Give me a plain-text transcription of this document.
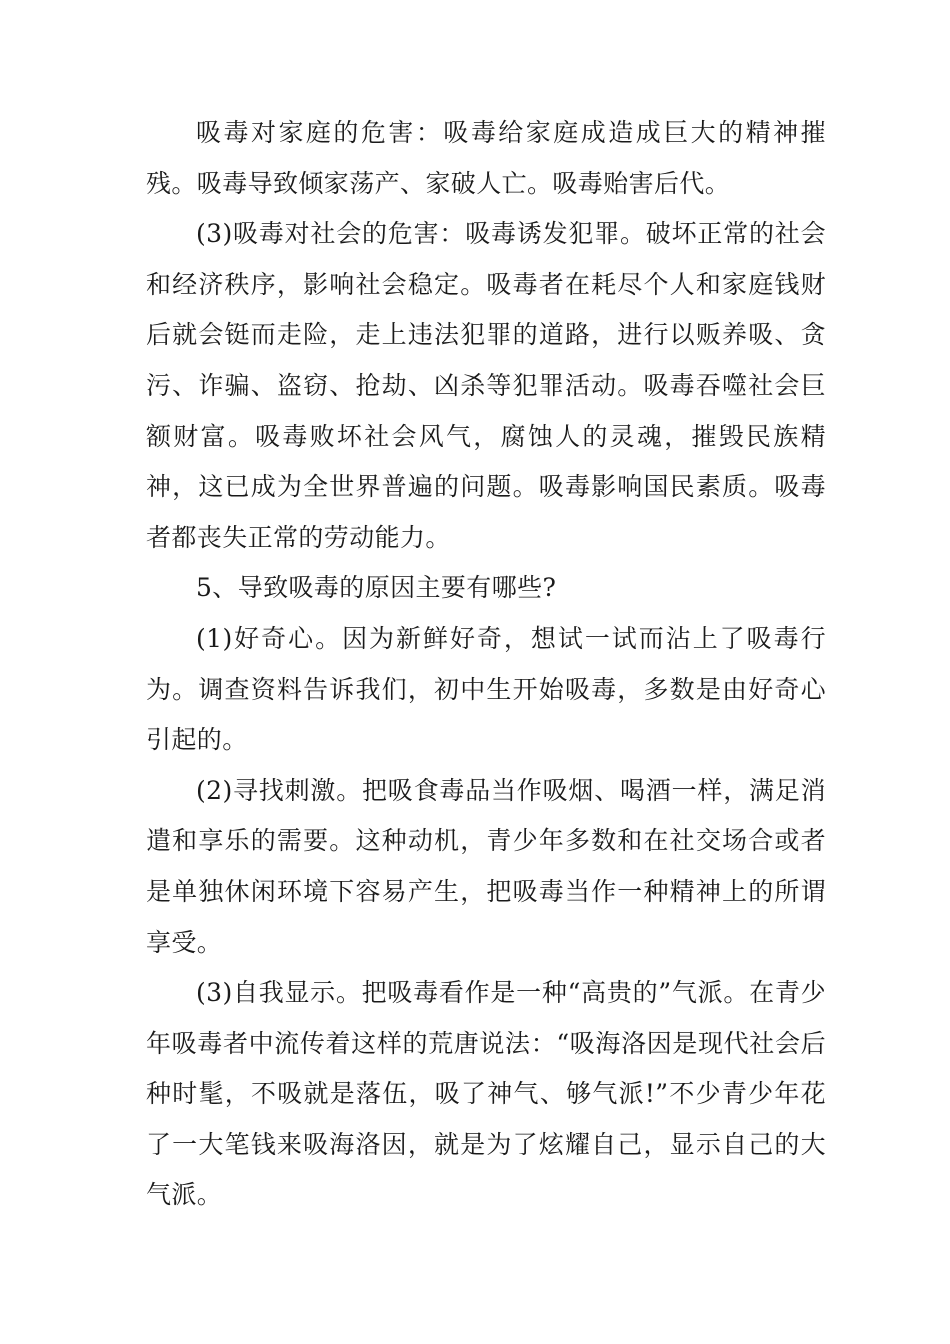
吸毒对家庭的危害：吸毒给家庭成造成巨大的精神摧残。吸毒导致倾家荡产、家破人亡。吸毒贻害后代。

(3)吸毒对社会的危害：吸毒诱发犯罪。破坏正常的社会和经济秩序，影响社会稳定。吸毒者在耗尽个人和家庭钱财后就会铤而走险，走上违法犯罪的道路，进行以贩养吸、贪污、诈骗、盗窃、抢劫、凶杀等犯罪活动。吸毒吞噬社会巨额财富。吸毒败坏社会风气，腐蚀人的灵魂，摧毁民族精神，这已成为全世界普遍的问题。吸毒影响国民素质。吸毒者都丧失正常的劳动能力。

5、导致吸毒的原因主要有哪些?

(1)好奇心。因为新鲜好奇，想试一试而沾上了吸毒行为。调查资料告诉我们，初中生开始吸毒，多数是由好奇心引起的。

(2)寻找刺激。把吸食毒品当作吸烟、喝酒一样，满足消遣和享乐的需要。这种动机，青少年多数和在社交场合或者是单独休闲环境下容易产生，把吸毒当作一种精神上的所谓享受。

(3)自我显示。把吸毒看作是一种“高贵的”气派。在青少年吸毒者中流传着这样的荒唐说法：“吸海洛因是现代社会后种时髦，不吸就是落伍，吸了神气、够气派!”不少青少年花了一大笔钱来吸海洛因，就是为了炫耀自己，显示自己的大气派。
